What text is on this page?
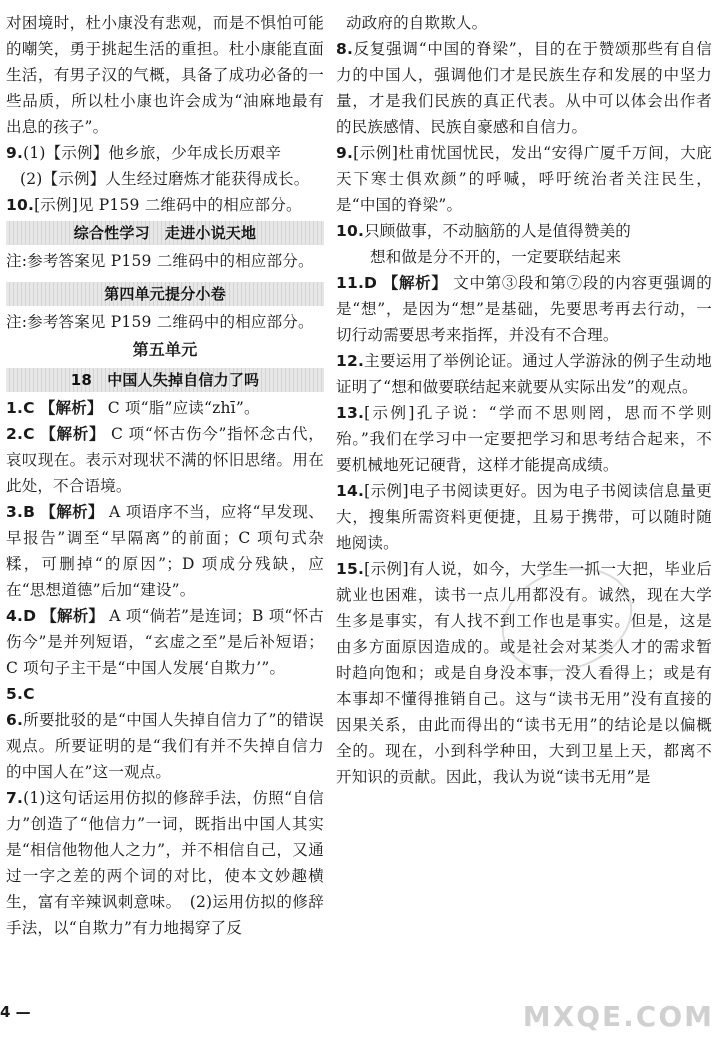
对困境时，杜小康没有悲观，而是不惧怕可能的嘲笑，勇于挑起生活的重担。杜小康能直面生活，有男子汉的气概，具备了成功必备的一些品质，所以杜小康也许会成为“油麻地最有出息的孩子”。

9.(1)【示例】他乡旅，少年成长历艰辛
(2)【示例】人生经过磨炼才能获得成长。
10.[示例]见 P159 二维码中的相应部分。
综合性学习　 走进小说天地

注:参考答案见 P159 二维码中的相应部分。

第四单元提分小卷

注:参考答案见 P159 二维码中的相应部分。

第五单元
18　中国人失掉自信力了吗
1.C 【解析】 C 项“脂”应读“zhī”。
2.C 【解析】 C 项“怀古伤今”指怀念古代，哀叹现在。表示对现状不满的怀旧思绪。用在此处，不合语境。
3.B 【解析】 A 项语序不当，应将“早发现、早报告”调至“早隔离”的前面；C 项句式杂糅，可删掉“的原因”；D 项成分残缺，应在“思想道德”后加“建设”。
4.D 【解析】 A 项“倘若”是连词；B 项“怀古伤今”是并列短语，“玄虚之至”是后补短语；C 项句子主干是“中国人发展‘自欺力’”。
5.C
6.所要批驳的是“中国人失掉自信力了”的错误观点。所要证明的是“我们有并不失掉自信力的中国人在”这一观点。
7.(1)这句话运用仿拟的修辞手法，仿照“自信力”创造了“他信力”一词，既指出中国人其实是“相信他物他人之力”，并不相信自己，又通过一字之差的两个词的对比，使本文妙趣横生，富有辛辣讽刺意味。　(2)运用仿拟的修辞手法，以“自欺力”有力地揭穿了反

动政府的自欺欺人。

8.反复强调“中国的脊梁”，目的在于赞颂那些有自信力的中国人，强调他们才是民族生存和发展的中坚力量，才是我们民族的真正代表。从中可以体会出作者的民族感情、民族自豪感和自信力。
9.[示例]杜甫忧国忧民，发出“安得广厦千万间，大庇天下寒士俱欢颜”的呼喊，呼吁统治者关注民生，是“中国的脊梁”。
10.只顾做事，不动脑筋的人是值得赞美的
想和做是分不开的，一定要联结起来
11.D 【解析】 文中第③段和第⑦段的内容更强调的是“想”，是因为“想”是基础，先要思考再去行动，一切行动需要思考来指挥，并没有不合理。
12.主要运用了举例论证。通过人学游泳的例子生动地证明了“想和做要联结起来就要从实际出发”的观点。
13.[示例]孔子说：“学而不思则罔，思而不学则殆。”我们在学习中一定要把学习和思考结合起来，不要机械地死记硬背，这样才能提高成绩。
14.[示例]电子书阅读更好。因为电子书阅读信息量更大，搜集所需资料更便捷，且易于携带，可以随时随地阅读。
15.[示例]有人说，如今，大学生一抓一大把，毕业后就业也困难，读书一点儿用都没有。诚然，现在大学生多是事实，有人找不到工作也是事实。但是，这是由多方面原因造成的。或是社会对某类人才的需求暂时趋向饱和；或是自身没本事，没人看得上；或是有本事却不懂得推销自己。这与“读书无用”没有直接的因果关系，由此而得出的“读书无用”的结论是以偏概全的。现在，小到科学种田，大到卫星上天，都离不开知识的贡献。因此，我认为说“读书无用”是
4 —	MXQE.COM
